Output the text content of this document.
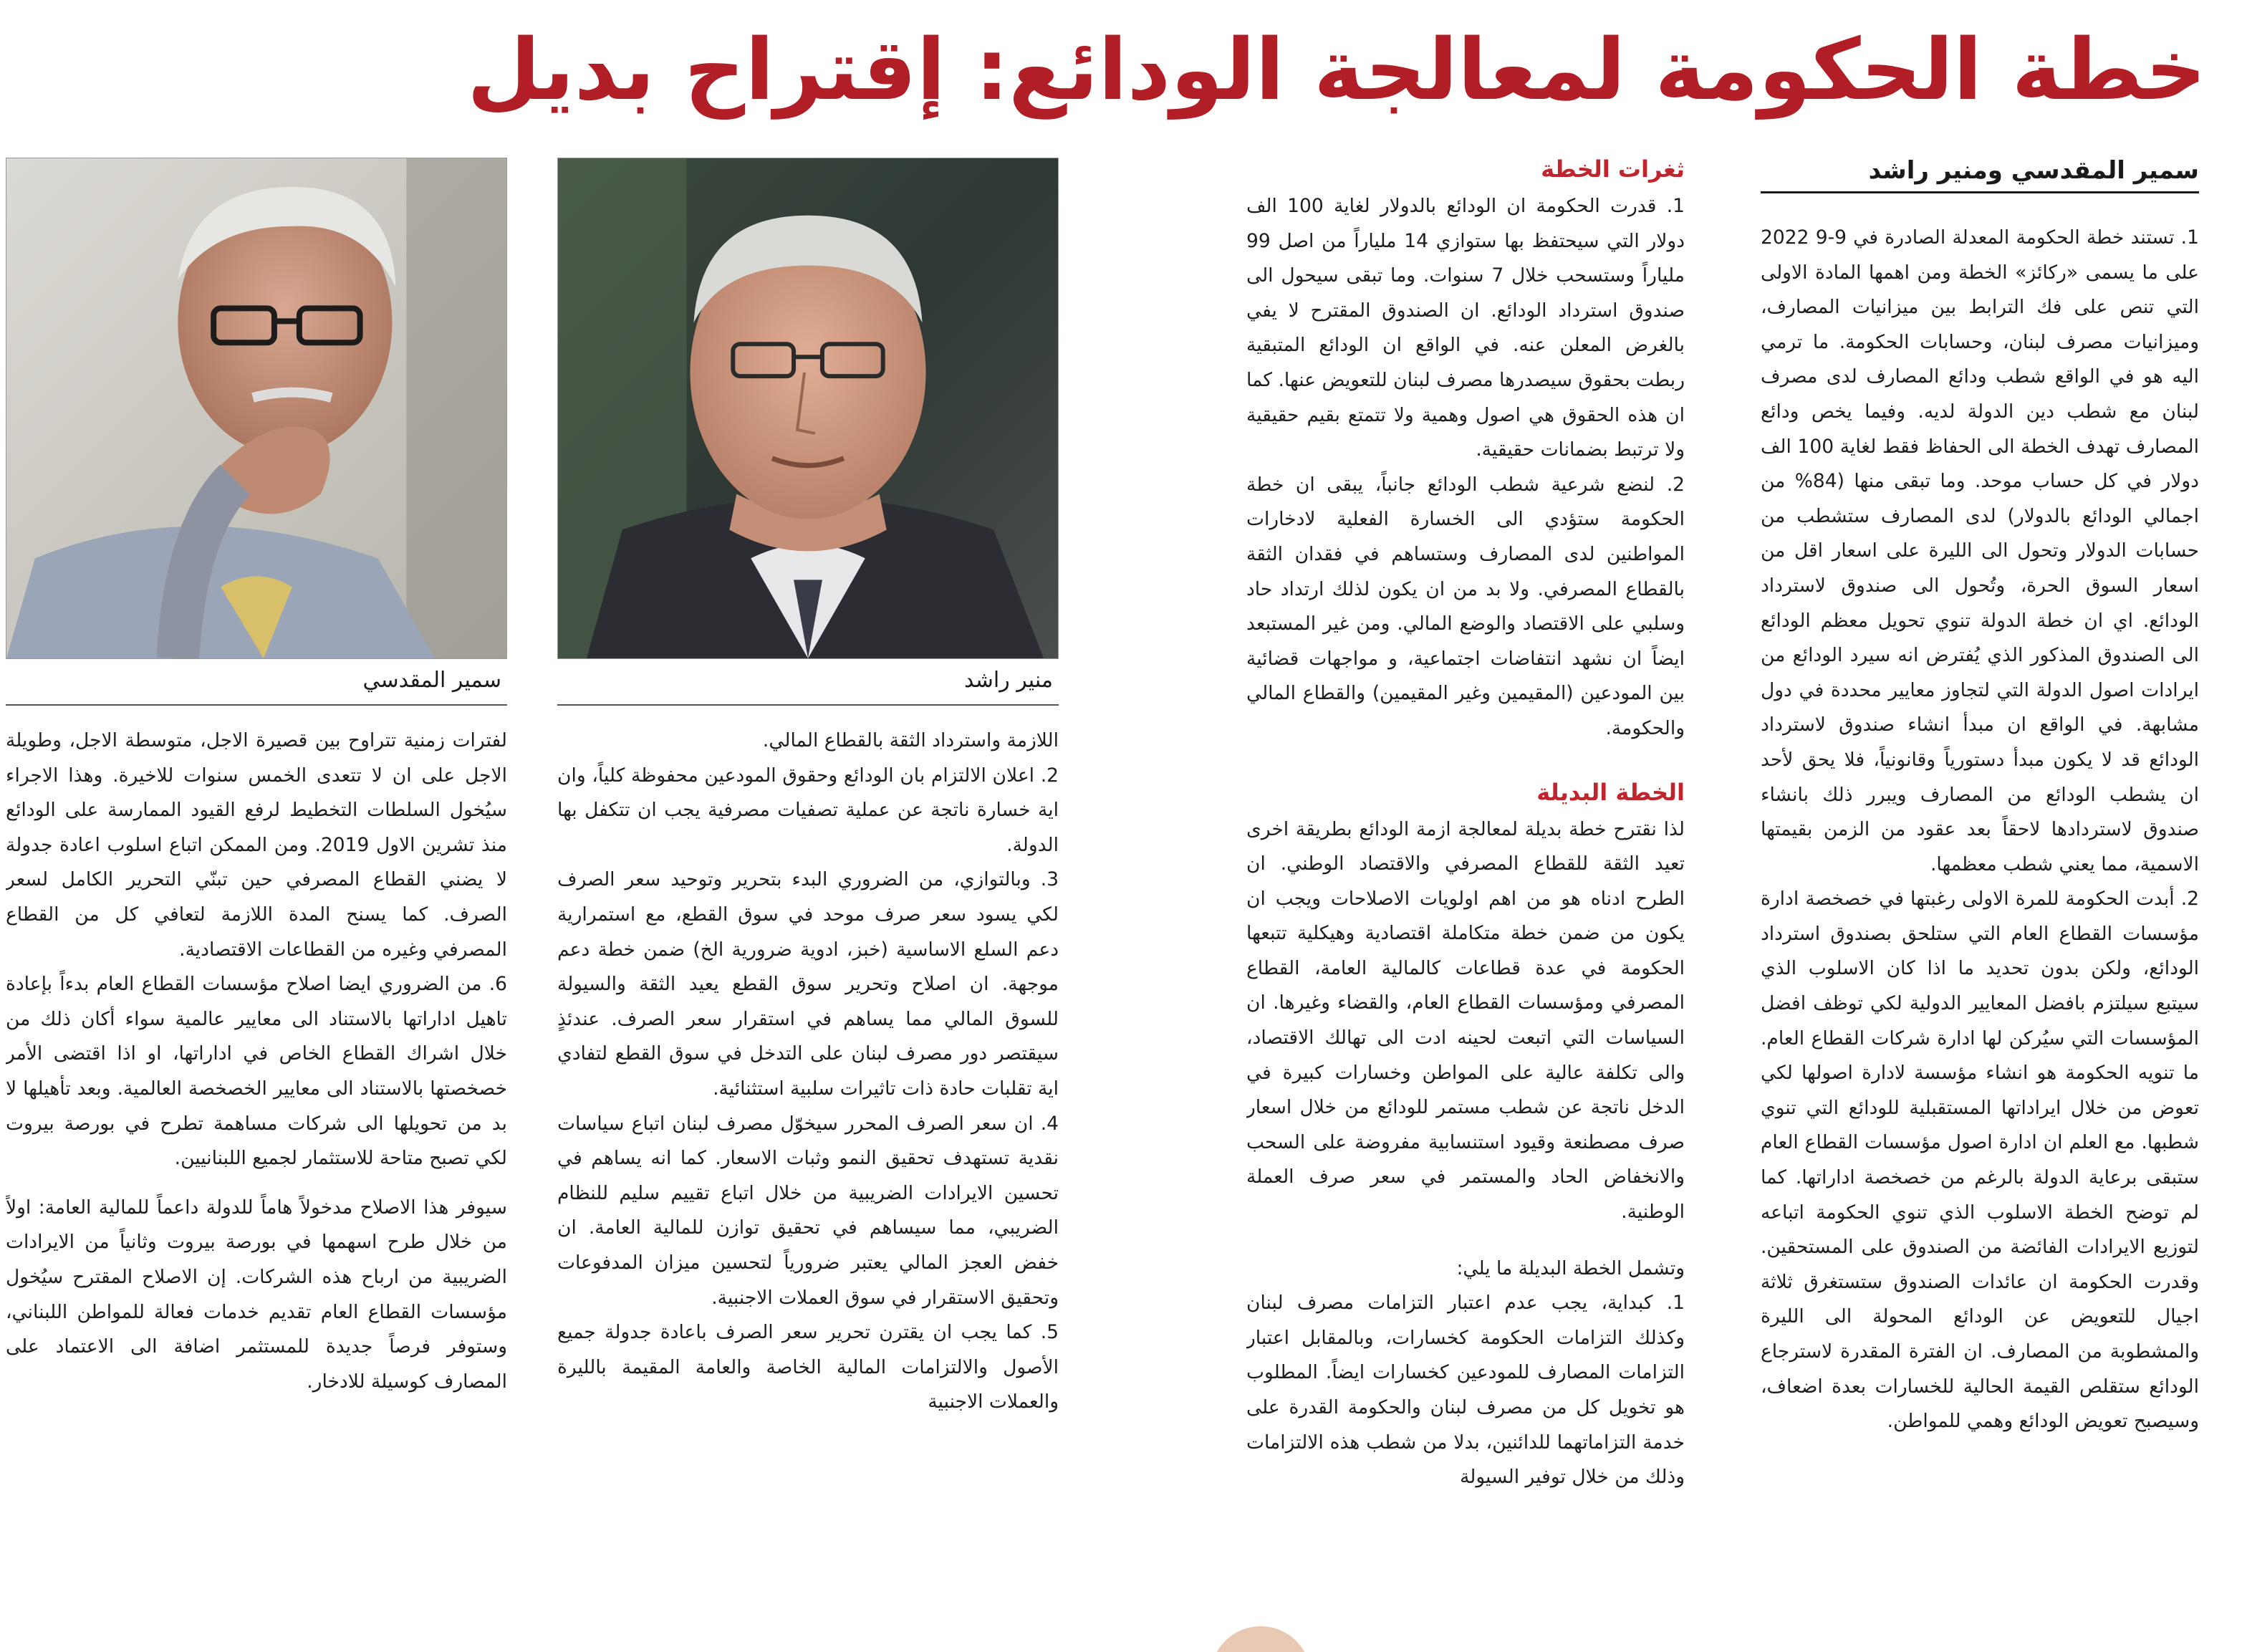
خطة الحكومة لمعالجة الودائع: إقتراح بديل
سمير المقدسي ومنير راشد

1. تستند خطة الحكومة المعدلة الصادرة في 9-9 2022 على ما يسمى «ركائز» الخطة ومن اهمها المادة الاولى التي تنص على فك الترابط بين ميزانيات المصارف، وميزانيات مصرف لبنان، وحسابات الحكومة. ما ترمي اليه هو في الواقع شطب ودائع المصارف لدى مصرف لبنان مع شطب دين الدولة لديه. وفيما يخص ودائع المصارف تهدف الخطة الى الحفاظ فقط لغاية 100 الف دولار في كل حساب موحد. وما تبقى منها (84% من اجمالي الودائع بالدولار) لدى المصارف ستشطب من حسابات الدولار وتحول الى الليرة على اسعار اقل من اسعار السوق الحرة، وتُحول الى صندوق لاسترداد الودائع. اي ان خطة الدولة تنوي تحويل معظم الودائع الى الصندوق المذكور الذي يُفترض انه سيرد الودائع من ايرادات اصول الدولة التي لتجاوز معايير محددة في دول مشابهة. في الواقع ان مبدأ انشاء صندوق لاسترداد الودائع قد لا يكون مبدأ دستورياً وقانونياً، فلا يحق لأحد ان يشطب الودائع من المصارف ويبرر ذلك بانشاء صندوق لاستردادها لاحقاً بعد عقود من الزمن بقيمتها الاسمية، مما يعني شطب معظمها.

2. أبدت الحكومة للمرة الاولى رغبتها في خصخصة ادارة مؤسسات القطاع العام التي ستلحق بصندوق استرداد الودائع، ولكن بدون تحديد ما اذا كان الاسلوب الذي سيتبع سيلتزم بافضل المعايير الدولية لكي توظف افضل المؤسسات التي سيُركن لها ادارة شركات القطاع العام. ما تنويه الحكومة هو انشاء مؤسسة لادارة اصولها لكي تعوض من خلال ايراداتها المستقبلية للودائع التي تنوي شطبها. مع العلم ان ادارة اصول مؤسسات القطاع العام ستبقى برعاية الدولة بالرغم من خصخصة اداراتها. كما لم توضح الخطة الاسلوب الذي تنوي الحكومة اتباعه لتوزيع الايرادات الفائضة من الصندوق على المستحقين. وقدرت الحكومة ان عائدات الصندوق ستستغرق ثلاثة اجيال للتعويض عن الودائع المحولة الى الليرة والمشطوبة من المصارف. ان الفترة المقدرة لاسترجاع الودائع ستقلص القيمة الحالية للخسارات بعدة اضعاف، وسيصبح تعويض الودائع وهمي للمواطن.

ثغرات الخطة

1. قدرت الحكومة ان الودائع بالدولار لغاية 100 الف دولار التي سيحتفظ بها ستوازي 14 ملياراً من اصل 99 ملياراً وستسحب خلال 7 سنوات. وما تبقى سيحول الى صندوق استرداد الودائع. ان الصندوق المقترح لا يفي بالغرض المعلن عنه. في الواقع ان الودائع المتبقية ربطت بحقوق سيصدرها مصرف لبنان للتعويض عنها. كما ان هذه الحقوق هي اصول وهمية ولا تتمتع بقيم حقيقية ولا ترتبط بضمانات حقيقية.

2. لنضع شرعية شطب الودائع جانباً، يبقى ان خطة الحكومة ستؤدي الى الخسارة الفعلية لادخارات المواطنين لدى المصارف وستساهم في فقدان الثقة بالقطاع المصرفي. ولا بد من ان يكون لذلك ارتداد حاد وسلبي على الاقتصاد والوضع المالي. ومن غير المستبعد ايضاً ان نشهد انتفاضات اجتماعية، و مواجهات قضائية بين المودعين (المقيمين وغير المقيمين) والقطاع المالي والحكومة.

الخطة البديلة

لذا نقترح خطة بديلة لمعالجة ازمة الودائع بطريقة اخرى تعيد الثقة للقطاع المصرفي والاقتصاد الوطني. ان الطرح ادناه هو من اهم اولويات الاصلاحات ويجب ان يكون من ضمن خطة متكاملة اقتصادية وهيكلية تتبعها الحكومة في عدة قطاعات كالمالية العامة، القطاع المصرفي ومؤسسات القطاع العام، والقضاء وغيرها. ان السياسات التي اتبعت لحينه ادت الى تهالك الاقتصاد، والى تكلفة عالية على المواطن وخسارات كبيرة في الدخل ناتجة عن شطب مستمر للودائع من خلال اسعار صرف مصطنعة وقيود استنسابية مفروضة على السحب والانخفاض الحاد والمستمر في سعر صرف العملة الوطنية.

وتشمل الخطة البديلة ما يلي:

1. كبداية، يجب عدم اعتبار التزامات مصرف لبنان وكذلك التزامات الحكومة كخسارات، وبالمقابل اعتبار التزامات المصارف للمودعين كخسارات ايضاً. المطلوب هو تخويل كل من مصرف لبنان والحكومة القدرة على خدمة التزاماتهما للدائنين، بدلا من شطب هذه الالتزامات وذلك من خلال توفير السيولة

منير راشد
سمير المقدسي

اللازمة واسترداد الثقة بالقطاع المالي.

2. اعلان الالتزام بان الودائع وحقوق المودعين محفوظة كلياً، وان اية خسارة ناتجة عن عملية تصفيات مصرفية يجب ان تتكفل بها الدولة.

3. وبالتوازي، من الضروري البدء بتحرير وتوحيد سعر الصرف لكي يسود سعر صرف موحد في سوق القطع، مع استمرارية دعم السلع الاساسية (خبز، ادوية ضرورية الخ) ضمن خطة دعم موجهة. ان اصلاح وتحرير سوق القطع يعيد الثقة والسيولة للسوق المالي مما يساهم في استقرار سعر الصرف. عندئذٍ سيقتصر دور مصرف لبنان على التدخل في سوق القطع لتفادي اية تقلبات حادة ذات تاثيرات سلبية استثنائية.

4. ان سعر الصرف المحرر سيخوّل مصرف لبنان اتباع سياسات نقدية تستهدف تحقيق النمو وثبات الاسعار. كما انه يساهم في تحسين الايرادات الضريبية من خلال اتباع تقييم سليم للنظام الضريبي، مما سيساهم في تحقيق توازن للمالية العامة. ان خفض العجز المالي يعتبر ضرورياً لتحسين ميزان المدفوعات وتحقيق الاستقرار في سوق العملات الاجنبية.

5. كما يجب ان يقترن تحرير سعر الصرف باعادة جدولة جميع الأصول والالتزامات المالية الخاصة والعامة المقيمة بالليرة والعملات الاجنبية

لفترات زمنية تتراوح بين قصيرة الاجل، متوسطة الاجل، وطويلة الاجل على ان لا تتعدى الخمس سنوات للاخيرة. وهذا الاجراء سيُخول السلطات التخطيط لرفع القيود الممارسة على الودائع منذ تشرين الاول 2019. ومن الممكن اتباع اسلوب اعادة جدولة لا يضني القطاع المصرفي حين تبنّي التحرير الكامل لسعر الصرف. كما يسنح المدة اللازمة لتعافي كل من القطاع المصرفي وغيره من القطاعات الاقتصادية.

6. من الضروري ايضا اصلاح مؤسسات القطاع العام بدءاً بإعادة تاهيل اداراتها بالاستناد الى معايير عالمية سواء أكان ذلك من خلال اشراك القطاع الخاص في اداراتها، او اذا اقتضى الأمر خصخصتها بالاستناد الى معايير الخصخصة العالمية. وبعد تأهيلها لا بد من تحويلها الى شركات مساهمة تطرح في بورصة بيروت لكي تصبح متاحة للاستثمار لجميع اللبنانيين.

سيوفر هذا الاصلاح مدخولاً هاماً للدولة داعماً للمالية العامة: اولاً من خلال طرح اسهمها في بورصة بيروت وثانياً من الايرادات الضريبية من ارباح هذه الشركات. إن الاصلاح المقترح سيُخول مؤسسات القطاع العام تقديم خدمات فعالة للمواطن اللبناني، وستوفر فرصاً جديدة للمستثمر اضافة الى الاعتماد على المصارف كوسيلة للادخار.
